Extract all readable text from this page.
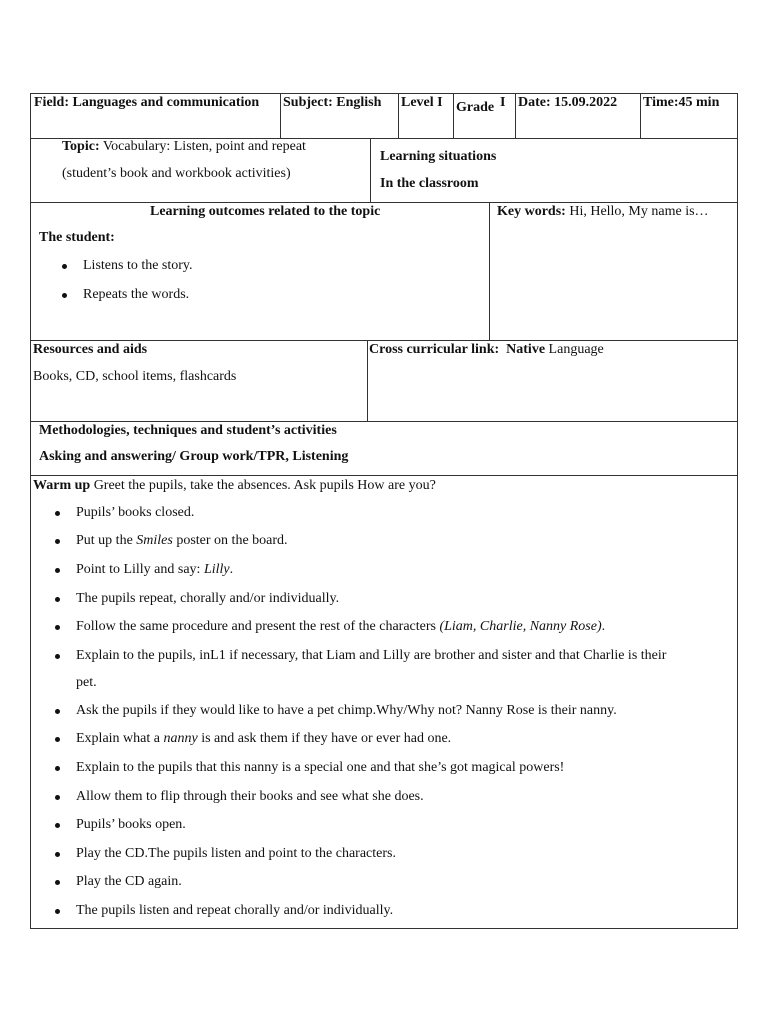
Field: Languages and communication Subject: English Level I Grade I Date: 15.09.2022 Time:45 min
Topic: Vocabulary: Listen, point and repeat
(student’s book and workbook activities)
Learning situations
In the classroom
Learning outcomes related to the topic
The student:
Listens to the story.
Repeats the words.
Key words: Hi, Hello, My name is…
Resources and aids
Books, CD, school items, flashcards
Cross curricular link: Native Language
Methodologies, techniques and student’s activities
Asking and answering/ Group work/TPR, Listening
Warm up Greet the pupils, take the absences. Ask pupils How are you?
Pupils’ books closed.
Put up the Smiles poster on the board.
Point to Lilly and say: Lilly.
The pupils repeat, chorally and/or individually.
Follow the same procedure and present the rest of the characters (Liam, Charlie, Nanny Rose).
Explain to the pupils, inL1 if necessary, that Liam and Lilly are brother and sister and that Charlie is their
Ask the pupils if they would like to have a pet chimp.Why/Why not? Nanny Rose is their nanny.
Explain what a nanny is and ask them if they have or ever had one.
Explain to the pupils that this nanny is a special one and that she’s got magical powers!
Allow them to flip through their books and see what she does.
Pupils’ books open.
Play the CD.The pupils listen and point to the characters.
Play the CD again.
The pupils listen and repeat chorally and/or individually.
pet.
